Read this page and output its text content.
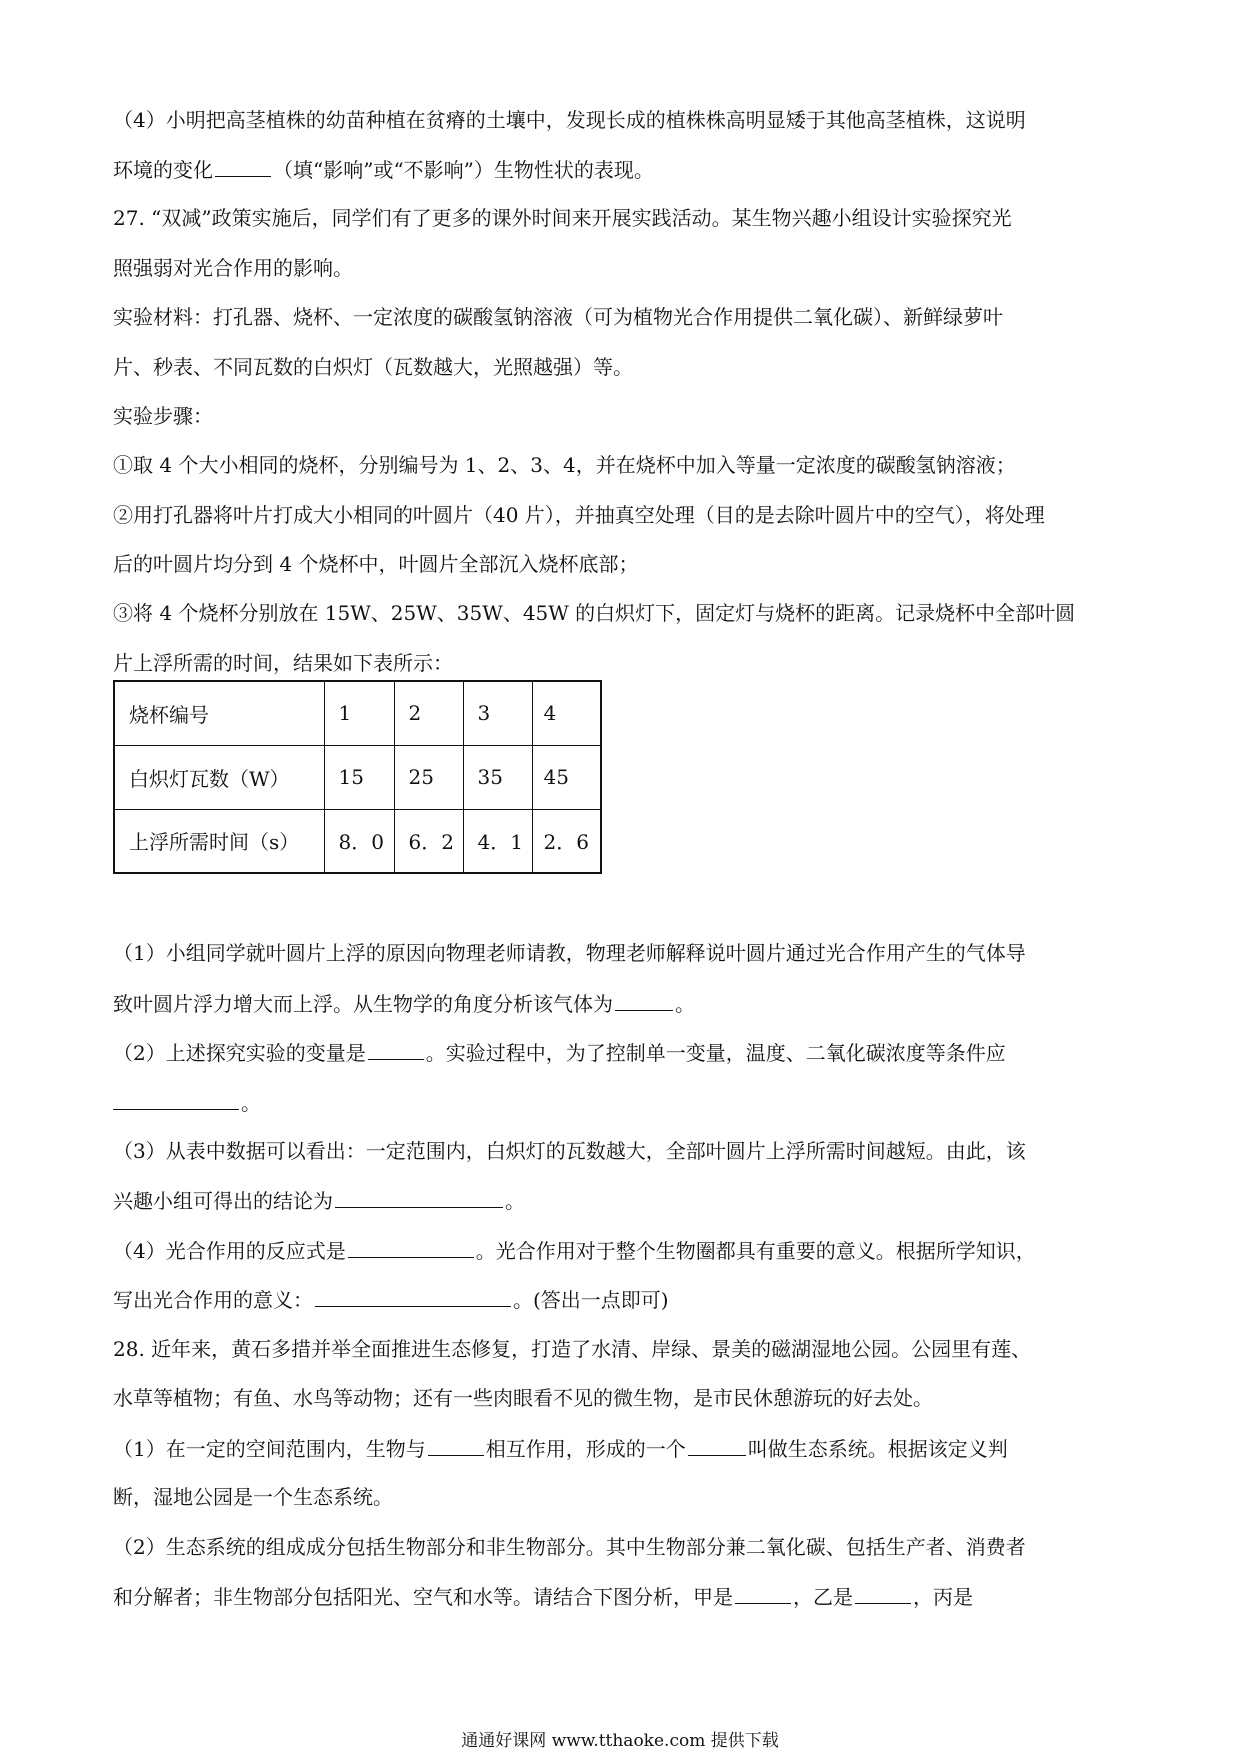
（4）小明把高茎植株的幼苗种植在贫瘠的土壤中，发现长成的植株株高明显矮于其他高茎植株，这说明
环境的变化	（填“影响”或“不影响”）生物性状的表现。
27. “双减”政策实施后，同学们有了更多的课外时间来开展实践活动。某生物兴趣小组设计实验探究光
照强弱对光合作用的影响。
实验材料：打孔器、烧杯、一定浓度的碳酸氢钠溶液（可为植物光合作用提供二氧化碳）、新鲜绿萝叶
片、秒表、不同瓦数的白炽灯（瓦数越大，光照越强）等。
实验步骤：
①取 4 个大小相同的烧杯，分别编号为 1、2、3、4，并在烧杯中加入等量一定浓度的碳酸氢钠溶液；
②用打孔器将叶片打成大小相同的叶圆片（40 片），并抽真空处理（目的是去除叶圆片中的空气），将处理
后的叶圆片均分到 4 个烧杯中，叶圆片全部沉入烧杯底部；
③将 4 个烧杯分别放在 15W、25W、35W、45W 的白炽灯下，固定灯与烧杯的距离。记录烧杯中全部叶圆
片上浮所需的时间，结果如下表所示：
烧杯编号	1	2	3	4
白炽灯瓦数（W）	15	25	35	45
上浮所需时间（s）	8．0	6．2	4．1	2．6
（1）小组同学就叶圆片上浮的原因向物理老师请教，物理老师解释说叶圆片通过光合作用产生的气体导
致叶圆片浮力增大而上浮。从生物学的角度分析该气体为	。
（2）上述探究实验的变量是	。实验过程中，为了控制单一变量，温度、二氧化碳浓度等条件应
。
（3）从表中数据可以看出：一定范围内，白炽灯的瓦数越大，全部叶圆片上浮所需时间越短。由此，该
兴趣小组可得出的结论为	。
（4）光合作用的反应式是	。光合作用对于整个生物圈都具有重要的意义。根据所学知识，
写出光合作用的意义：	。(答出一点即可)
28. 近年来，黄石多措并举全面推进生态修复，打造了水清、岸绿、景美的磁湖湿地公园。公园里有莲、
水草等植物；有鱼、水鸟等动物；还有一些肉眼看不见的微生物，是市民休憩游玩的好去处。
（1）在一定的空间范围内，生物与	相互作用，形成的一个	叫做生态系统。根据该定义判
断，湿地公园是一个生态系统。
（2）生态系统的组成成分包括生物部分和非生物部分。其中生物部分兼二氧化碳、包括生产者、消费者
和分解者；非生物部分包括阳光、空气和水等。请结合下图分析，甲是	，乙是	，丙是
通通好课网 www.tthaoke.com 提供下载
